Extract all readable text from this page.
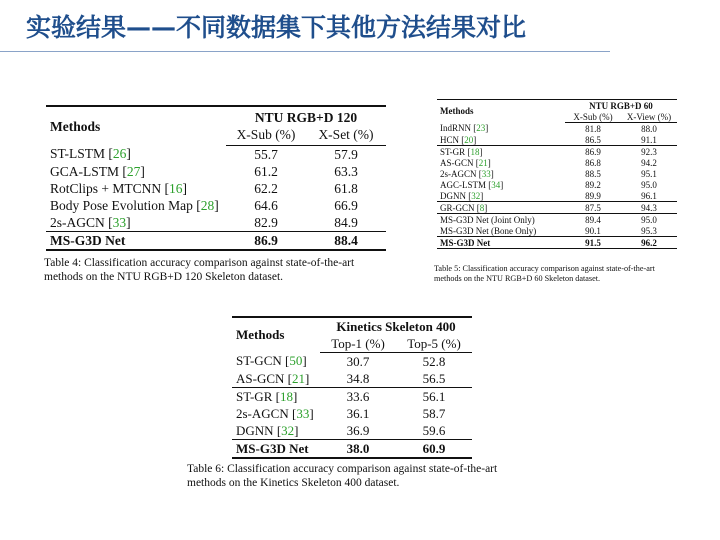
实验结果——不同数据集下其他方法结果对比
Methods	NTU RGB+D 120	
	X-Sub (%)	X-Set (%)
ST-LSTM [26]	55.7	57.9
GCA-LSTM [27]	61.2	63.3
RotClips + MTCNN [16]	62.2	61.8
Body Pose Evolution Map [28]	64.6	66.9
2s-AGCN [33]	82.9	84.9
MS-G3D Net	86.9	88.4
Table 4: Classification accuracy comparison against state-of-the-art methods on the NTU RGB+D 120 Skeleton dataset.
Methods	NTU RGB+D 60	
	X-Sub (%)	X-View (%)
IndRNN [23]	81.8	88.0
HCN [20]	86.5	91.1
ST-GR [18]	86.9	92.3
AS-GCN [21]	86.8	94.2
2s-AGCN [33]	88.5	95.1
AGC-LSTM [34]	89.2	95.0
DGNN [32]	89.9	96.1
GR-GCN [8]	87.5	94.3
MS-G3D Net (Joint Only)	89.4	95.0
MS-G3D Net (Bone Only)	90.1	95.3
MS-G3D Net	91.5	96.2
Table 5: Classification accuracy comparison against state-of-the-art methods on the NTU RGB+D 60 Skeleton dataset.
Methods	Kinetics Skeleton 400	
	Top-1 (%)	Top-5 (%)
ST-GCN [50]	30.7	52.8
AS-GCN [21]	34.8	56.5
ST-GR [18]	33.6	56.1
2s-AGCN [33]	36.1	58.7
DGNN [32]	36.9	59.6
MS-G3D Net	38.0	60.9
Table 6: Classification accuracy comparison against state-of-the-art methods on the Kinetics Skeleton 400 dataset.
